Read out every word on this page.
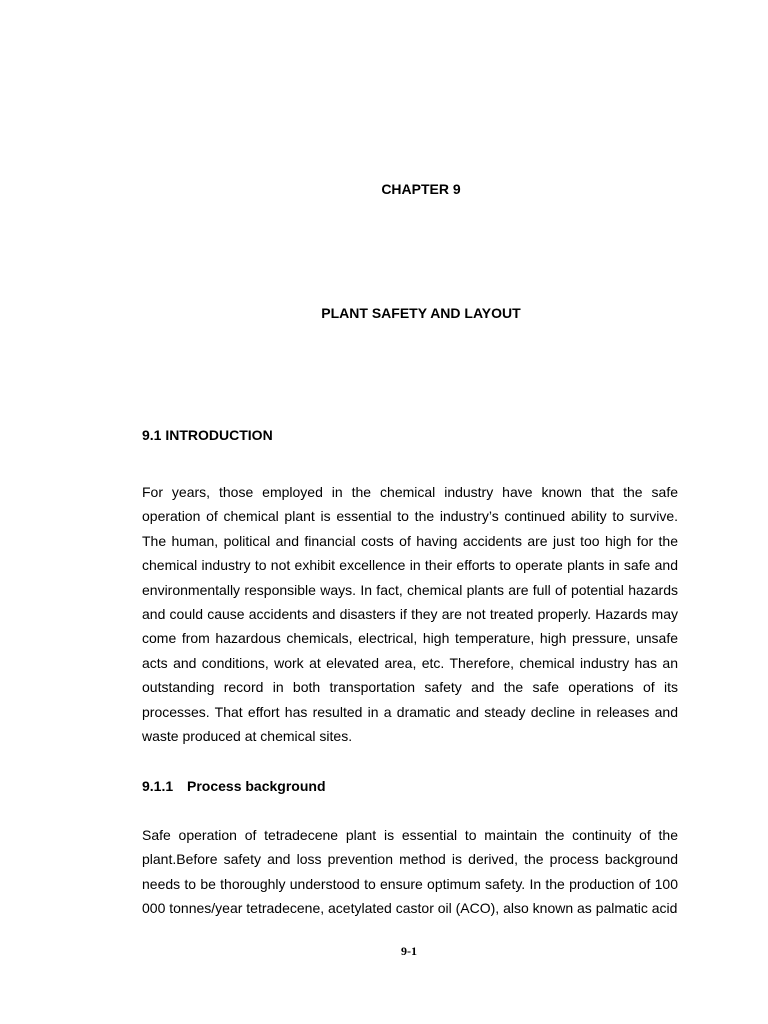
CHAPTER 9
PLANT SAFETY AND LAYOUT
9.1 INTRODUCTION

For years, those employed in the chemical industry have known that the safe operation of chemical plant is essential to the industry’s continued ability to survive. The human, political and financial costs of having accidents are just too high for the chemical industry to not exhibit excellence in their efforts to operate plants in safe and environmentally responsible ways. In fact, chemical plants are full of potential hazards and could cause accidents and disasters if they are not treated properly. Hazards may come from hazardous chemicals, electrical, high temperature, high pressure, unsafe acts and conditions, work at elevated area, etc. Therefore, chemical industry has an outstanding record in both transportation safety and the safe operations of its processes. That effort has resulted in a dramatic and steady decline in releases and waste produced at chemical sites.

9.1.1 Process background

Safe operation of tetradecene plant is essential to maintain the continuity of the plant.Before safety and loss prevention method is derived, the process background needs to be thoroughly understood to ensure optimum safety. In the production of 100 000 tonnes/year tetradecene, acetylated castor oil (ACO), also known as palmatic acid

9-1
